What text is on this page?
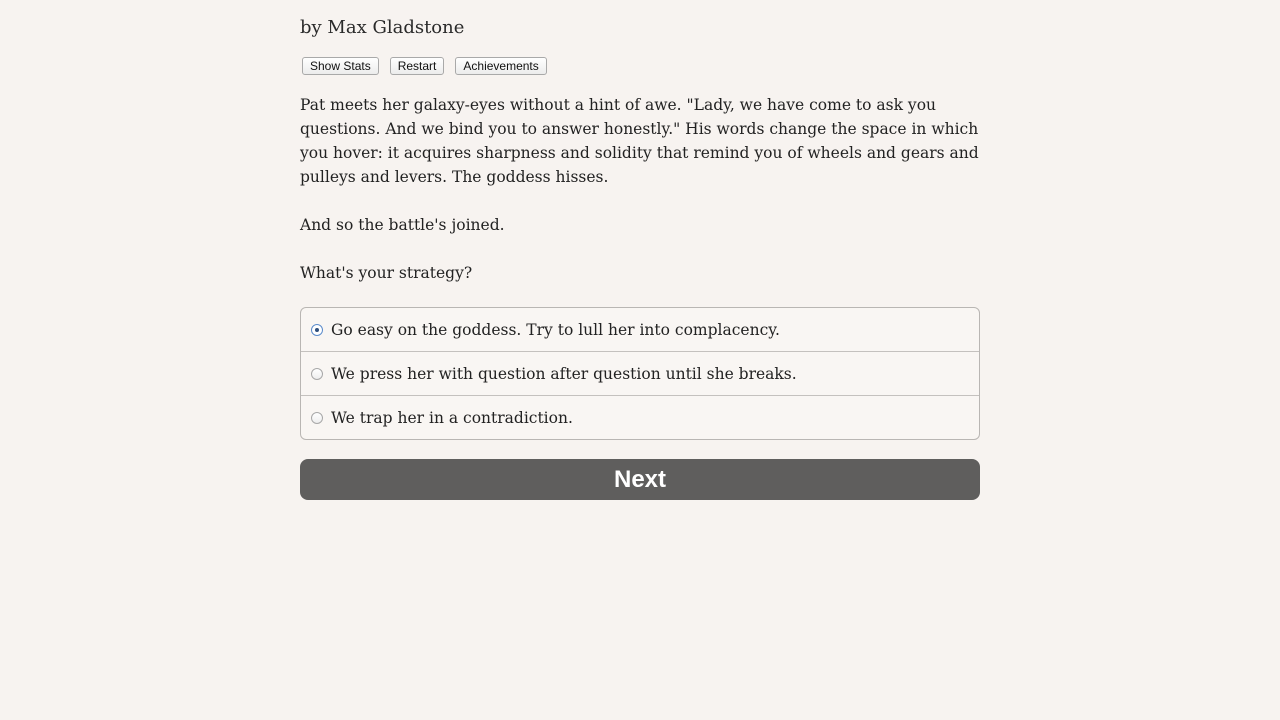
by Max Gladstone
Show Stats	Restart	Achievements

Pat meets her galaxy-eyes without a hint of awe. "Lady, we have come to ask you questions. And we bind you to answer honestly." His words change the space in which you hover: it acquires sharpness and solidity that remind you of wheels and gears and pulleys and levers. The goddess hisses.

And so the battle's joined.

What's your strategy?

Go easy on the goddess. Try to lull her into complacency.
We press her with question after question until she breaks.
We trap her in a contradiction.
Next
